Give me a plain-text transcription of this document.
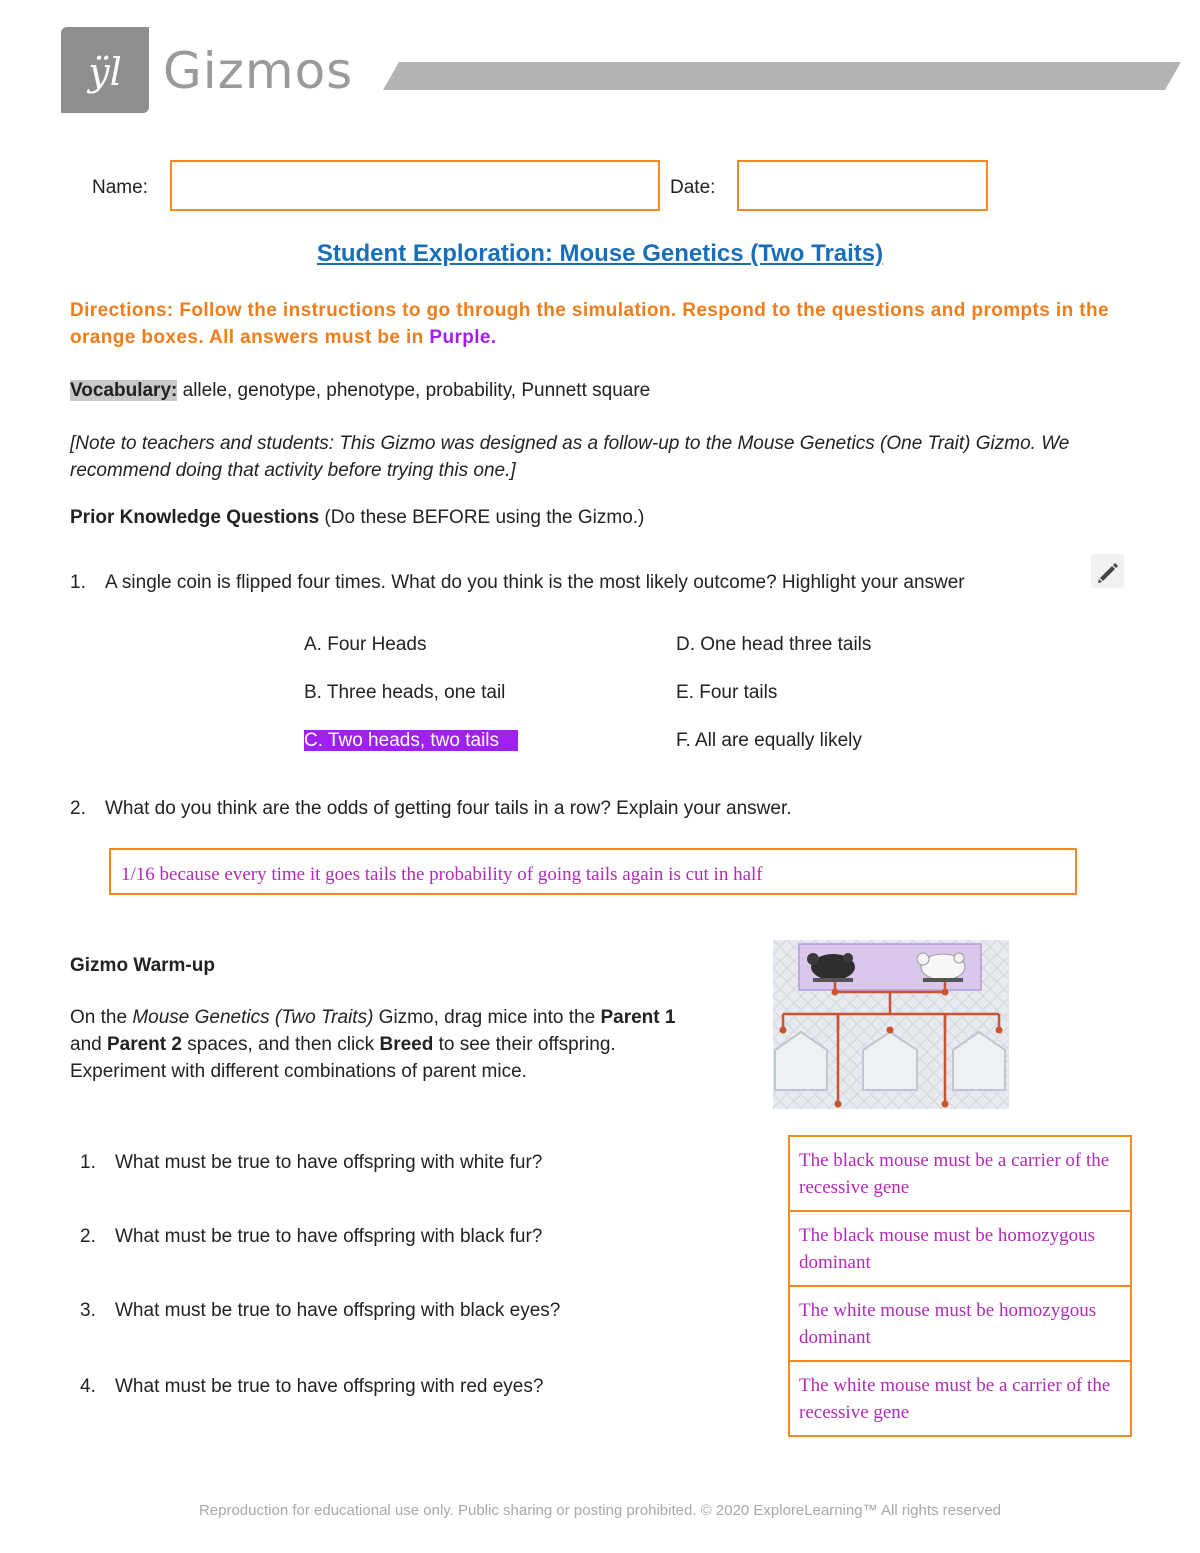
ÿl Gizmos
Name:	Date:
Student Exploration: Mouse Genetics (Two Traits)
Directions: Follow the instructions to go through the simulation. Respond to the questions and prompts in the orange boxes. All answers must be in Purple.
Vocabulary: allele, genotype, phenotype, probability, Punnett square
[Note to teachers and students: This Gizmo was designed as a follow-up to the Mouse Genetics (One Trait) Gizmo. We recommend doing that activity before trying this one.]
Prior Knowledge Questions (Do these BEFORE using the Gizmo.)
1. A single coin is flipped four times. What do you think is the most likely outcome? Highlight your answer
A. Four Heads
B. Three heads, one tail
C. Two heads, two tails
D. One head three tails
E. Four tails
F. All are equally likely
2. What do you think are the odds of getting four tails in a row? Explain your answer.
1/16 because every time it goes tails the probability of going tails again is cut in half
Gizmo Warm-up
On the Mouse Genetics (Two Traits) Gizmo, drag mice into the Parent 1 and Parent 2 spaces, and then click Breed to see their offspring. Experiment with different combinations of parent mice.
1. What must be true to have offspring with white fur?
2. What must be true to have offspring with black fur?
3. What must be true to have offspring with black eyes?
4. What must be true to have offspring with red eyes?
The black mouse must be a carrier of the recessive gene
The black mouse must be homozygous dominant
The white mouse must be homozygous dominant
The white mouse must be a carrier of the recessive gene
Reproduction for educational use only. Public sharing or posting prohibited. © 2020 ExploreLearning™ All rights reserved
